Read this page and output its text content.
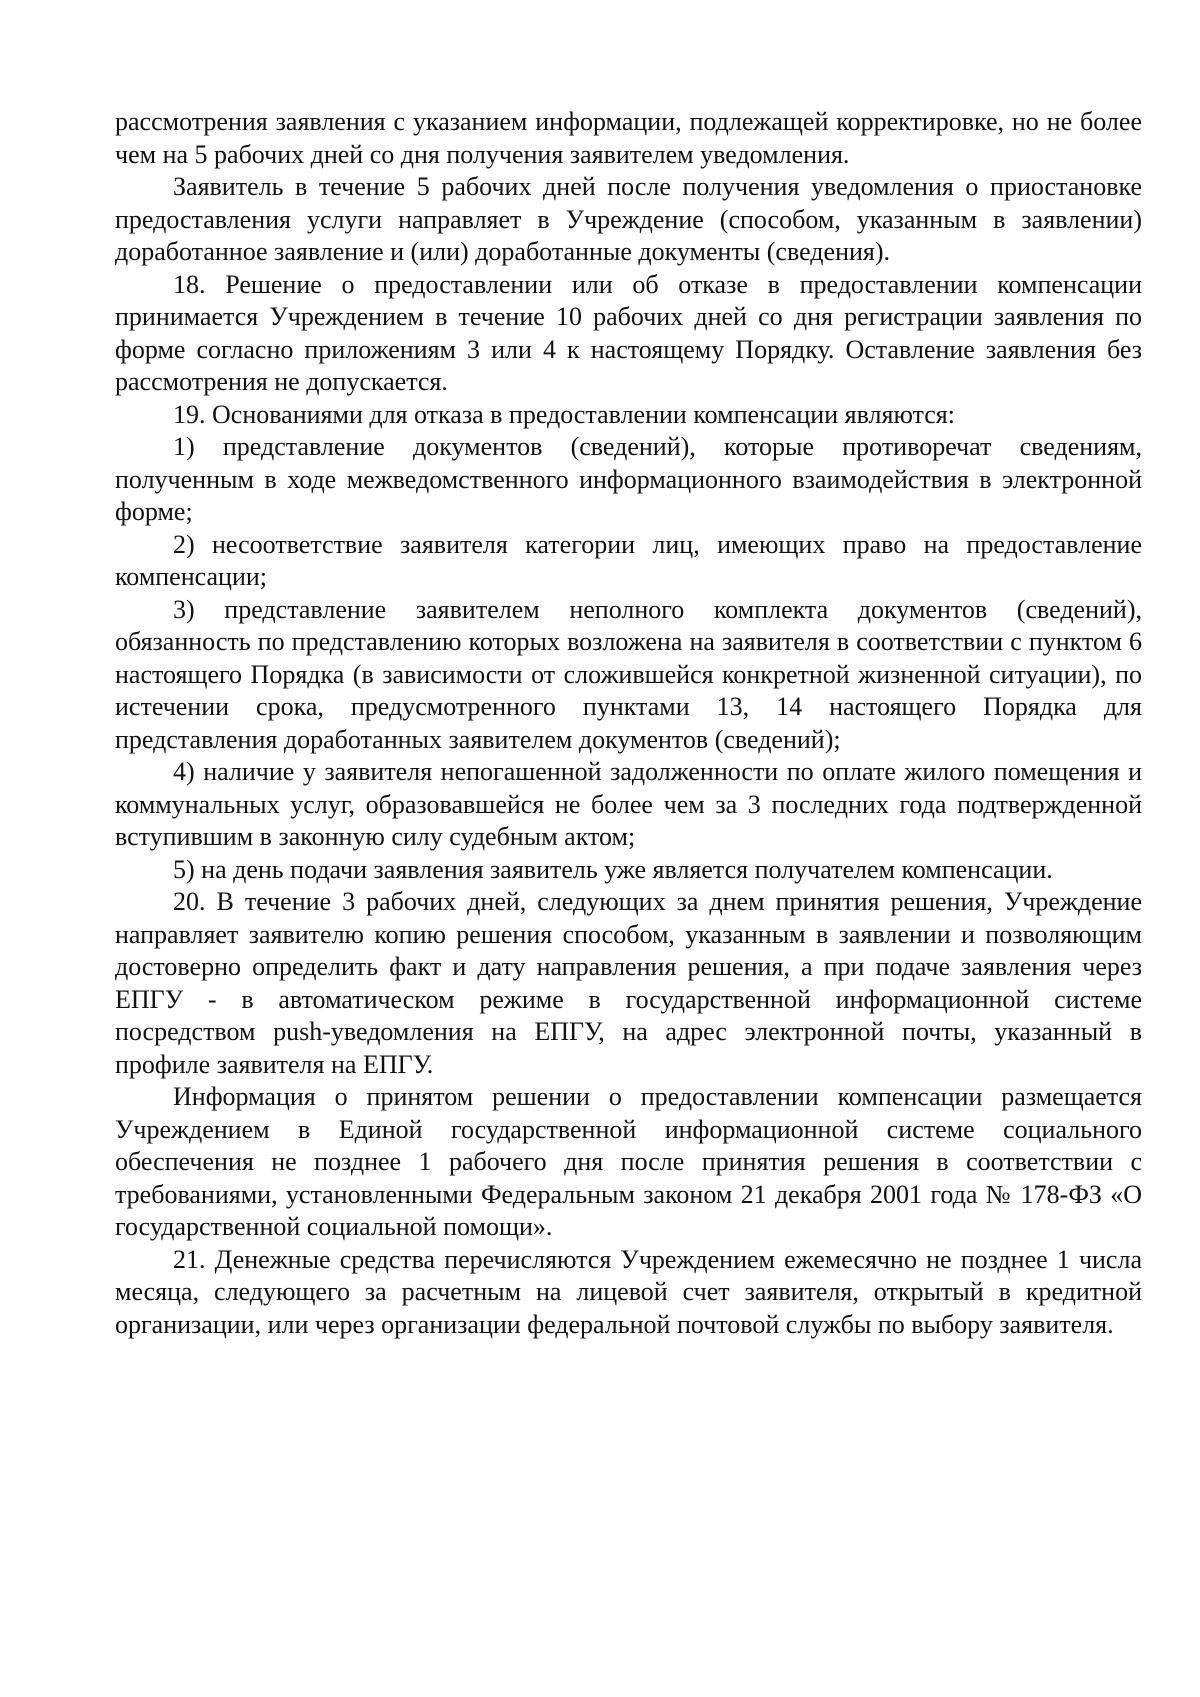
рассмотрения заявления с указанием информации, подлежащей корректировке, но не более чем на 5 рабочих дней со дня получения заявителем уведомления.

Заявитель в течение 5 рабочих дней после получения уведомления о приостановке предоставления услуги направляет в Учреждение (способом, указанным в заявлении) доработанное заявление и (или) доработанные документы (сведения).

18. Решение о предоставлении или об отказе в предоставлении компенсации принимается Учреждением в течение 10 рабочих дней со дня регистрации заявления по форме согласно приложениям 3 или 4 к настоящему Порядку. Оставление заявления без рассмотрения не допускается.

19. Основаниями для отказа в предоставлении компенсации являются:

1) представление документов (сведений), которые противоречат сведениям, полученным в ходе межведомственного информационного взаимодействия в электронной форме;

2) несоответствие заявителя категории лиц, имеющих право на предоставление компенсации;

3) представление заявителем неполного комплекта документов (сведений), обязанность по представлению которых возложена на заявителя в соответствии с пунктом 6 настоящего Порядка (в зависимости от сложившейся конкретной жизненной ситуации), по истечении срока, предусмотренного пунктами 13, 14 настоящего Порядка для представления доработанных заявителем документов (сведений);

4) наличие у заявителя непогашенной задолженности по оплате жилого помещения и коммунальных услуг, образовавшейся не более чем за 3 последних года подтвержденной вступившим в законную силу судебным актом;

5) на день подачи заявления заявитель уже является получателем компенсации.

20. В течение 3 рабочих дней, следующих за днем принятия решения, Учреждение направляет заявителю копию решения способом, указанным в заявлении и позволяющим достоверно определить факт и дату направления решения, а при подаче заявления через ЕПГУ - в автоматическом режиме в государственной информационной системе посредством push-уведомления на ЕПГУ, на адрес электронной почты, указанный в профиле заявителя на ЕПГУ.

Информация о принятом решении о предоставлении компенсации размещается Учреждением в Единой государственной информационной системе социального обеспечения не позднее 1 рабочего дня после принятия решения в соответствии с требованиями, установленными Федеральным законом 21 декабря 2001 года № 178-ФЗ «О государственной социальной помощи».

21. Денежные средства перечисляются Учреждением ежемесячно не позднее 1 числа месяца, следующего за расчетным на лицевой счет заявителя, открытый в кредитной организации, или через организации федеральной почтовой службы по выбору заявителя.
